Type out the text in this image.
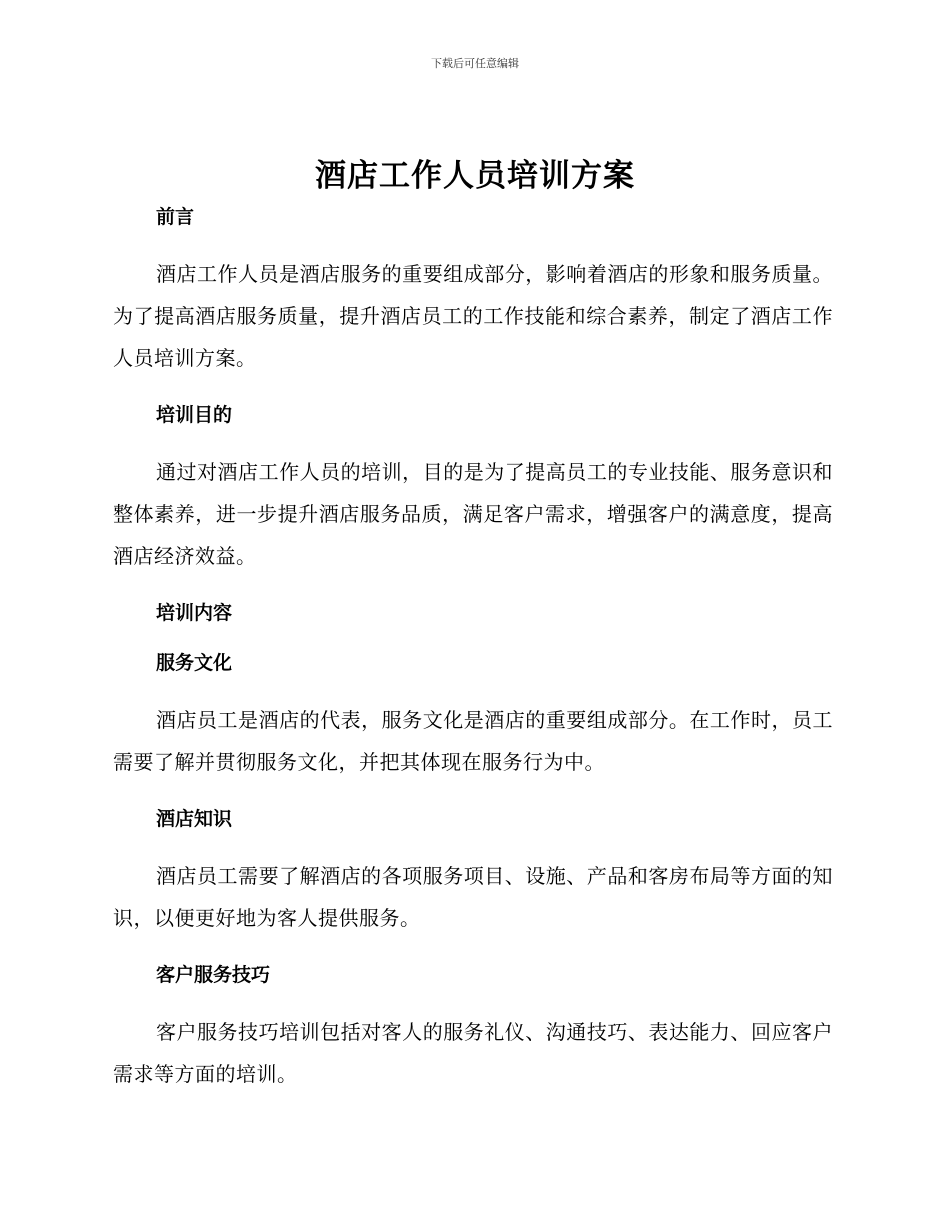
下载后可任意编辑
酒店工作人员培训方案
前言
酒店工作人员是酒店服务的重要组成部分，影响着酒店的形象和服务质量。为了提高酒店服务质量，提升酒店员工的工作技能和综合素养，制定了酒店工作人员培训方案。
培训目的
通过对酒店工作人员的培训，目的是为了提高员工的专业技能、服务意识和整体素养，进一步提升酒店服务品质，满足客户需求，增强客户的满意度，提高酒店经济效益。
培训内容
服务文化
酒店员工是酒店的代表，服务文化是酒店的重要组成部分。在工作时，员工需要了解并贯彻服务文化，并把其体现在服务行为中。
酒店知识
酒店员工需要了解酒店的各项服务项目、设施、产品和客房布局等方面的知识，以便更好地为客人提供服务。
客户服务技巧
客户服务技巧培训包括对客人的服务礼仪、沟通技巧、表达能力、回应客户需求等方面的培训。
